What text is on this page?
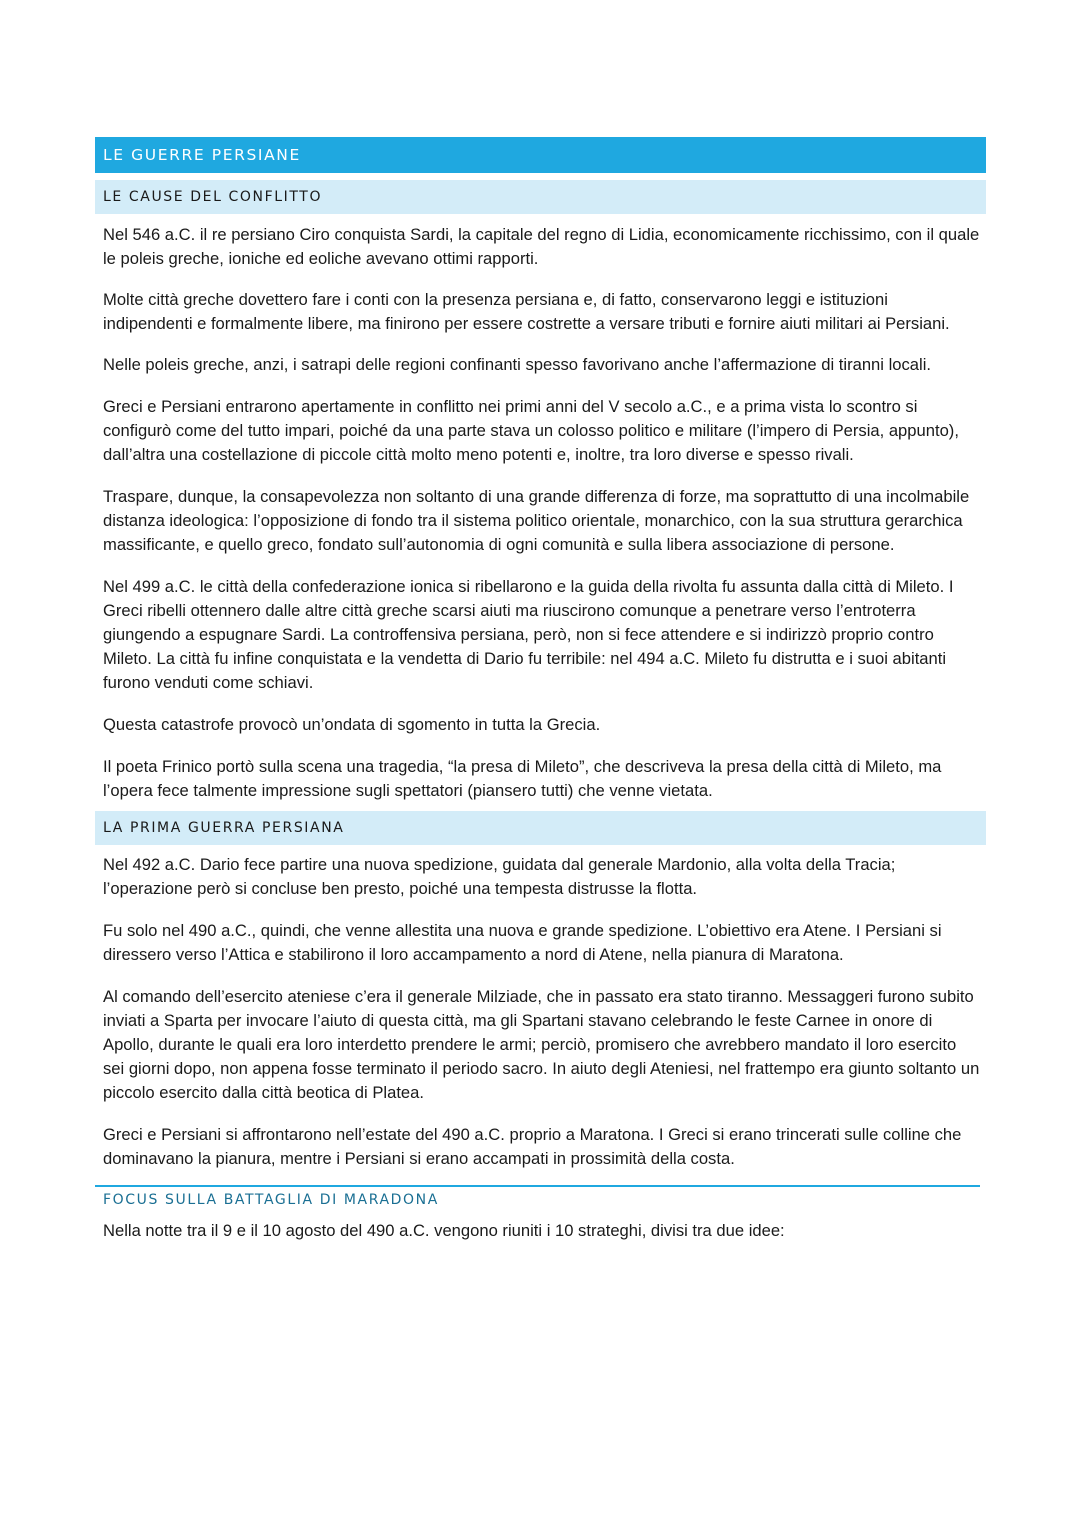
LE GUERRE PERSIANE
LE CAUSE DEL CONFLITTO

Nel 546 a.C. il re persiano Ciro conquista Sardi, la capitale del regno di Lidia, economicamente ricchissimo, con il quale le poleis greche, ioniche ed eoliche avevano ottimi rapporti.

Molte città greche dovettero fare i conti con la presenza persiana e, di fatto, conservarono leggi e istituzioni indipendenti e formalmente libere, ma finirono per essere costrette a versare tributi e fornire aiuti militari ai Persiani.

Nelle poleis greche, anzi, i satrapi delle regioni confinanti spesso favorivano anche l’affermazione di tiranni locali.

Greci e Persiani entrarono apertamente in conflitto nei primi anni del V secolo a.C., e a prima vista lo scontro si configurò come del tutto impari, poiché da una parte stava un colosso politico e militare (l’impero di Persia, appunto), dall’altra una costellazione di piccole città molto meno potenti e, inoltre, tra loro diverse e spesso rivali.

Traspare, dunque, la consapevolezza non soltanto di una grande differenza di forze, ma soprattutto di una incolmabile distanza ideologica: l’opposizione di fondo tra il sistema politico orientale, monarchico, con la sua struttura gerarchica massificante, e quello greco, fondato sull’autonomia di ogni comunità e sulla libera associazione di persone.

Nel 499 a.C. le città della confederazione ionica si ribellarono e la guida della rivolta fu assunta dalla città di Mileto. I Greci ribelli ottennero dalle altre città greche scarsi aiuti ma riuscirono comunque a penetrare verso l’entroterra giungendo a espugnare Sardi. La controffensiva persiana, però, non si fece attendere e si indirizzò proprio contro Mileto. La città fu infine conquistata e la vendetta di Dario fu terribile: nel 494 a.C. Mileto fu distrutta e i suoi abitanti furono venduti come schiavi.

Questa catastrofe provocò un’ondata di sgomento in tutta la Grecia.

Il poeta Frinico portò sulla scena una tragedia, “la presa di Mileto”, che descriveva la presa della città di Mileto, ma l’opera fece talmente impressione sugli spettatori (piansero tutti) che venne vietata.

LA PRIMA GUERRA PERSIANA

Nel 492 a.C. Dario fece partire una nuova spedizione, guidata dal generale Mardonio, alla volta della Tracia; l’operazione però si concluse ben presto, poiché una tempesta distrusse la flotta.

Fu solo nel 490 a.C., quindi, che venne allestita una nuova e grande spedizione. L’obiettivo era Atene. I Persiani si diressero verso l’Attica e stabilirono il loro accampamento a nord di Atene, nella pianura di Maratona.

Al comando dell’esercito ateniese c’era il generale Milziade, che in passato era stato tiranno. Messaggeri furono subito inviati a Sparta per invocare l’aiuto di questa città, ma gli Spartani stavano celebrando le feste Carnee in onore di Apollo, durante le quali era loro interdetto prendere le armi; perciò, promisero che avrebbero mandato il loro esercito sei giorni dopo, non appena fosse terminato il periodo sacro. In aiuto degli Ateniesi, nel frattempo era giunto soltanto un piccolo esercito dalla città beotica di Platea.

Greci e Persiani si affrontarono nell’estate del 490 a.C. proprio a Maratona. I Greci si erano trincerati sulle colline che dominavano la pianura, mentre i Persiani si erano accampati in prossimità della costa.

FOCUS SULLA BATTAGLIA DI MARADONA

Nella notte tra il 9 e il 10 agosto del 490 a.C. vengono riuniti i 10 strateghi, divisi tra due idee:
